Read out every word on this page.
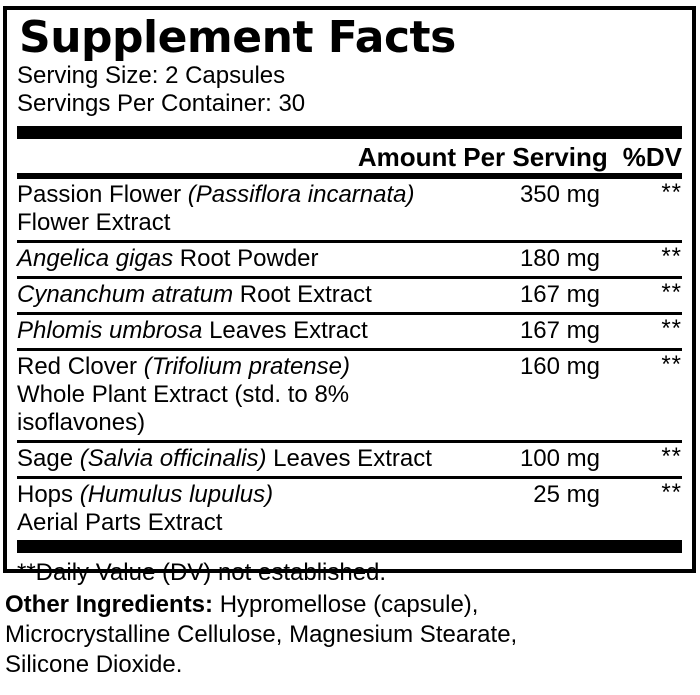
Supplement Facts
Serving Size: 2 Capsules
Servings Per Container: 30
Amount Per Serving %DV
Passion Flower (Passiflora incarnata)
Flower Extract
350 mg	**
Angelica gigas Root Powder	180 mg	**
Cynanchum atratum Root Extract	167 mg	**
Phlomis umbrosa Leaves Extract	167 mg	**
Red Clover (Trifolium pratense)
Whole Plant Extract (std. to 8% isoflavones)
160 mg	**
Sage (Salvia officinalis) Leaves Extract	100 mg	**
Hops (Humulus lupulus)
Aerial Parts Extract
25 mg	**
**Daily Value (DV) not established.
Other Ingredients: Hypromellose (capsule),
Microcrystalline Cellulose, Magnesium Stearate,
Silicone Dioxide.
